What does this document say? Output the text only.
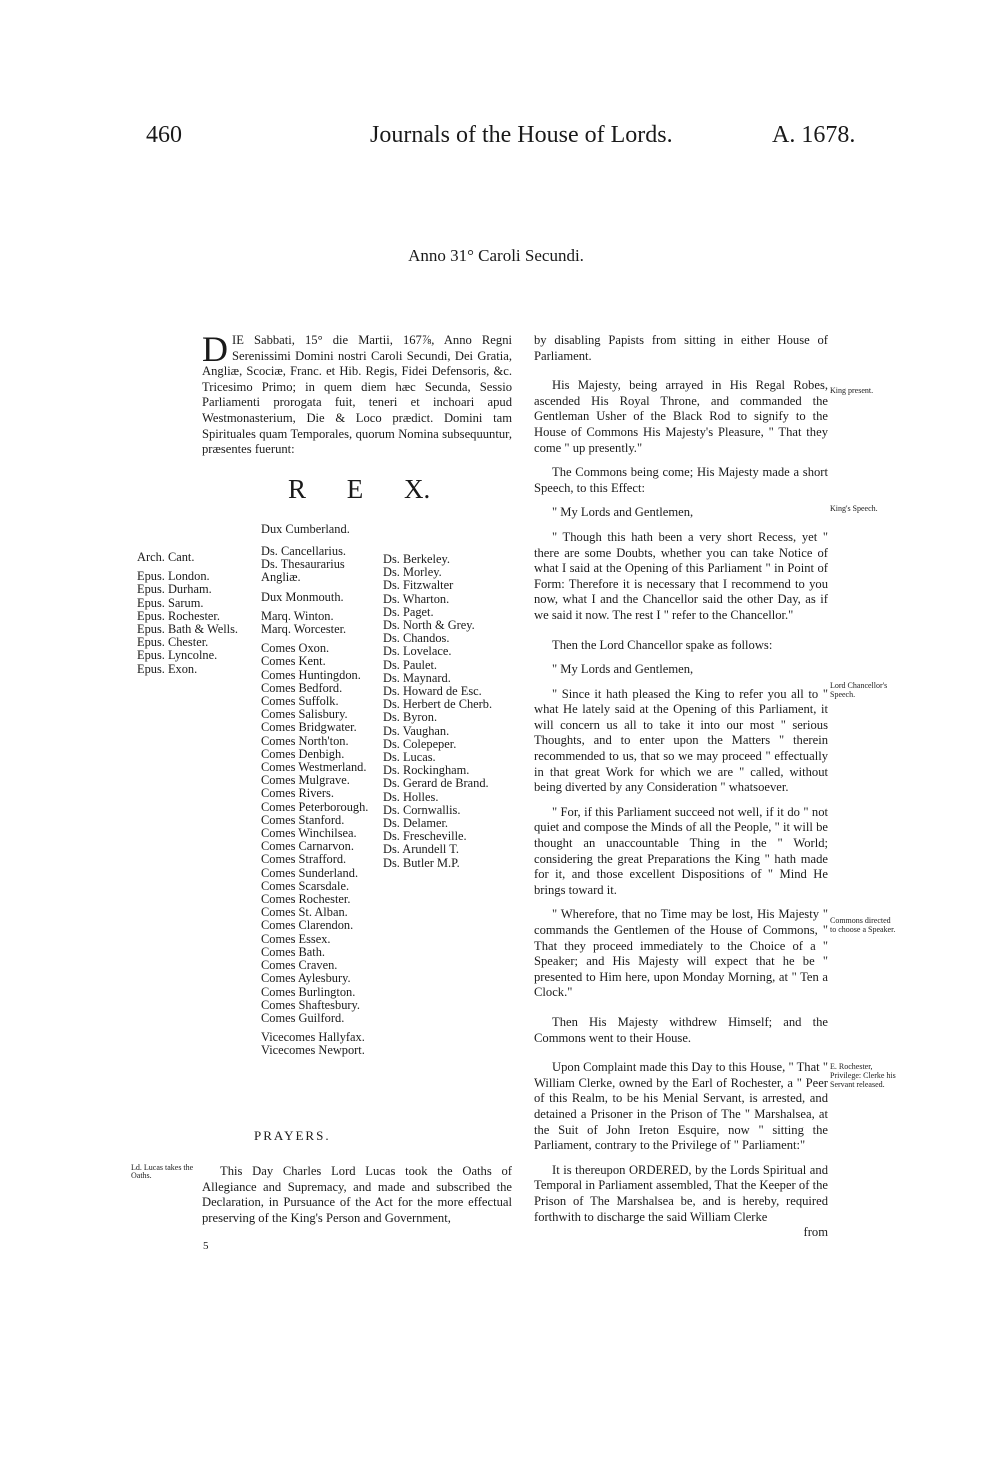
460	Journals of the House of Lords.	A. 1678.
Anno 31° Caroli Secundi.
DIE Sabbati, 15° die Martii, 167⅞, Anno Regni Serenissimi Domini nostri Caroli Secundi, Dei Gratia, Angliæ, Scociæ, Franc. et Hib. Regis, Fidei Defensoris, &c. Tricesimo Primo; in quem diem hæc Secunda, Sessio Parliamenti prorogata fuit, teneri et inchoari apud Westmonasterium, Die & Loco prædict. Domini tam Spirituales quam Temporales, quorum Nomina subsequuntur, præsentes fuerunt:
R E X.
Dux Cumberland.
Arch. Cant.
Epus. London.
Epus. Durham.
Epus. Sarum.
Epus. Rochester.
Epus. Bath & Wells.
Epus. Chester.
Epus. Lyncolne.
Epus. Exon.
Ds. Cancellarius.
Ds. Thesaurarius
Angliæ.
Dux Monmouth.
Marq. Winton.
Marq. Worcester.
Comes Oxon.
Comes Kent.
Comes Huntingdon.
Comes Bedford.
Comes Suffolk.
Comes Salisbury.
Comes Bridgwater.
Comes North'ton.
Comes Denbigh.
Comes Westmerland.
Comes Mulgrave.
Comes Rivers.
Comes Peterborough.
Comes Stanford.
Comes Winchilsea.
Comes Carnarvon.
Comes Strafford.
Comes Sunderland.
Comes Scarsdale.
Comes Rochester.
Comes St. Alban.
Comes Clarendon.
Comes Essex.
Comes Bath.
Comes Craven.
Comes Aylesbury.
Comes Burlington.
Comes Shaftesbury.
Comes Guilford.
Vicecomes Hallyfax.
Vicecomes Newport.
Ds. Berkeley.
Ds. Morley.
Ds. Fitzwalter
Ds. Wharton.
Ds. Paget.
Ds. North & Grey.
Ds. Chandos.
Ds. Lovelace.
Ds. Paulet.
Ds. Maynard.
Ds. Howard de Esc.
Ds. Herbert de Cherb.
Ds. Byron.
Ds. Vaughan.
Ds. Colepeper.
Ds. Lucas.
Ds. Rockingham.
Ds. Gerard de Brand.
Ds. Holles.
Ds. Cornwallis.
Ds. Delamer.
Ds. Frescheville.
Ds. Arundell T.
Ds. Butler M.P.
PRAYERS.
Ld. Lucas takes the Oaths.	This Day Charles Lord Lucas took the Oaths of Allegiance and Supremacy, and made and subscribed the Declaration, in Pursuance of the Act for the more effectual preserving of the King's Person and Government,

5

by disabling Papists from sitting in either House of Parliament.

His Majesty, being arrayed in His Regal Robes, ascended His Royal Throne, and commanded the Gentleman Usher of the Black Rod to signify to the House of Commons His Majesty's Pleasure, " That they come " up presently."

The Commons being come; His Majesty made a short Speech, to this Effect:

" My Lords and Gentlemen,

" Though this hath been a very short Recess, yet " there are some Doubts, whether you can take Notice of what I said at the Opening of this Parliament " in Point of Form: Therefore it is necessary that I recommend to you now, what I and the Chancellor said the other Day, as if we said it now. The rest I " refer to the Chancellor."

Then the Lord Chancellor spake as follows:

" My Lords and Gentlemen,

" Since it hath pleased the King to refer you all to " what He lately said at the Opening of this Parliament, it will concern us all to take it into our most " serious Thoughts, and to enter upon the Matters " therein recommended to us, that so we may proceed " effectually in that great Work for which we are " called, without being diverted by any Consideration " whatsoever.

" For, if this Parliament succeed not well, if it do " not quiet and compose the Minds of all the People, " it will be thought an unaccountable Thing in the " World; considering the great Preparations the King " hath made for it, and those excellent Dispositions of " Mind He brings toward it.

" Wherefore, that no Time may be lost, His Majesty " commands the Gentlemen of the House of Commons, " That they proceed immediately to the Choice of a " Speaker; and His Majesty will expect that he be " presented to Him here, upon Monday Morning, at " Ten a Clock."

Then His Majesty withdrew Himself; and the Commons went to their House.

Upon Complaint made this Day to this House, " That " William Clerke, owned by the Earl of Rochester, a " Peer of this Realm, to be his Menial Servant, is arrested, and detained a Prisoner in the Prison of The " Marshalsea, at the Suit of John Ireton Esquire, now " sitting the Parliament, contrary to the Privilege of " Parliament:"

It is thereupon ORDERED, by the Lords Spiritual and Temporal in Parliament assembled, That the Keeper of the Prison of The Marshalsea be, and is hereby, required forthwith to discharge the said William Clerke

from

King present.
King's Speech.
Lord Chancellor's Speech.
Commons directed to choose a Speaker.
E. Rochester, Privilege: Clerke his Servant released.
